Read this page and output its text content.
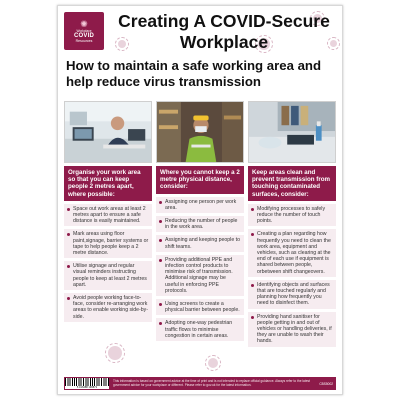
✺
Workplace
COVID
Resources
Creating A COVID-Secure Workplace
How to maintain a safe working area and help reduce virus transmission
Organise your work area so that you can keep people 2 metres apart, where possible:
Space out work areas at least 2 metres apart to ensure a safe distance is easily maintained.
Mark areas using floor paint,signage, barrier systems or tape to help people keep a 2 metre distance.
Utilise signage and regular visual reminders instructing people to keep at least 2 metres apart.
Avoid people working face-to-face, consider re-arranging work areas to enable working side-by-side.
Where you cannot keep a 2 metre physical distance, consider:
Assigning one person per work area.
Reducing the number of people in the work area.
Assigning and keeping people to shift teams.
Providing additional PPE and infection control products to minimise risk of transmission. Additional signage may be useful in enforcing PPE protocols.
Using screens to create a physical barrier between people.
Adopting one-way pedestrian traffic flows to minimise congestion in certain areas.
Keep areas clean and prevent transmission from touching contaminated surfaces, consider:
Modifying processes to safely reduce the number of touch points.
Creating a plan regarding how frequently you need to clean the work area, equipment and vehicles, such as clearing at the end of each use if equipment is shared between people, orbetween shift changeovers.
Identifying objects and surfaces that are touched regularly and planning how frequently you need to disinfect them.
Providing hand sanitiser for people getting in and out of vehicles or handling deliveries, if they are unable to wash their hands.
5 016488 196871
This information is based on government advice at the time of print and is not intended to replace official guidance. Always refer to the latest government advice for your workplace or different. Please refer to gov.uk for the latest information.	CBS5002
